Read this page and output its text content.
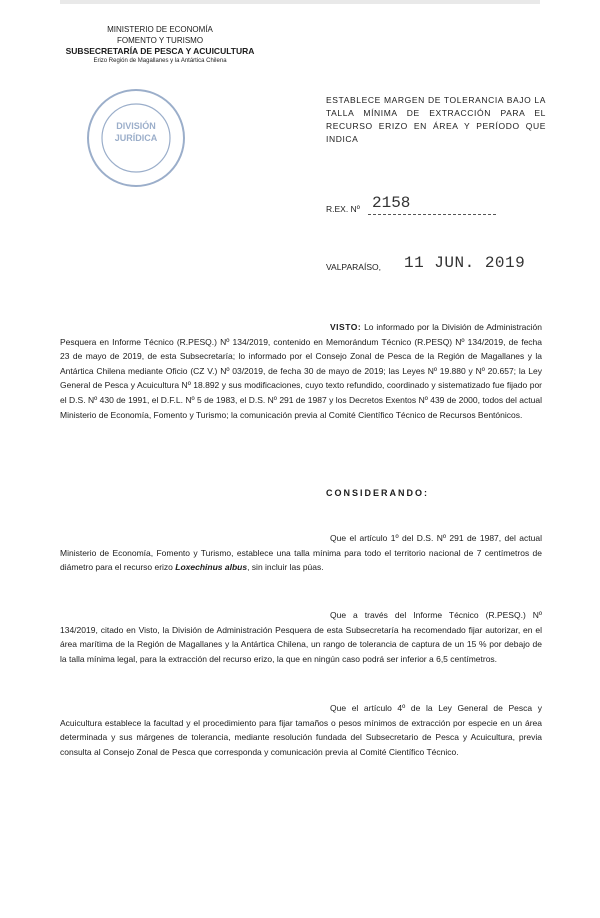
MINISTERIO DE ECONOMÍA
FOMENTO Y TURISMO
SUBSECRETARÍA DE PESCA Y ACUICULTURA
Erizo Región de Magallanes y la Antártica Chilena
DIVISIÓN
JURÍDICA
ESTABLECE MARGEN DE TOLERANCIA BAJO LA TALLA MÍNIMA DE EXTRACCIÓN PARA EL RECURSO ERIZO EN ÁREA Y PERÍODO QUE INDICA
R.EX. Nº 2158
VALPARAÍSO, 11 JUN. 2019
VISTO: Lo informado por la División de Administración Pesquera en Informe Técnico (R.PESQ.) Nº 134/2019, contenido en Memorándum Técnico (R.PESQ) Nº 134/2019, de fecha 23 de mayo de 2019, de esta Subsecretaría; lo informado por el Consejo Zonal de Pesca de la Región de Magallanes y la Antártica Chilena mediante Oficio (CZ V.) Nº 03/2019, de fecha 30 de mayo de 2019; las Leyes Nº 19.880 y Nº 20.657; la Ley General de Pesca y Acuicultura Nº 18.892 y sus modificaciones, cuyo texto refundido, coordinado y sistematizado fue fijado por el D.S. Nº 430 de 1991, el D.F.L. Nº 5 de 1983, el D.S. Nº 291 de 1987 y los Decretos Exentos Nº 439 de 2000, todos del actual Ministerio de Economía, Fomento y Turismo; la comunicación previa al Comité Científico Técnico de Recursos Bentónicos.
CONSIDERANDO:
Que el artículo 1º del D.S. Nº 291 de 1987, del actual Ministerio de Economía, Fomento y Turismo, establece una talla mínima para todo el territorio nacional de 7 centímetros de diámetro para el recurso erizo Loxechinus albus, sin incluir las púas.
Que a través del Informe Técnico (R.PESQ.) Nº 134/2019, citado en Visto, la División de Administración Pesquera de esta Subsecretaría ha recomendado fijar autorizar, en el área marítima de la Región de Magallanes y la Antártica Chilena, un rango de tolerancia de captura de un 15 % por debajo de la talla mínima legal, para la extracción del recurso erizo, la que en ningún caso podrá ser inferior a 6,5 centímetros.
Que el artículo 4º de la Ley General de Pesca y Acuicultura establece la facultad y el procedimiento para fijar tamaños o pesos mínimos de extracción por especie en un área determinada y sus márgenes de tolerancia, mediante resolución fundada del Subsecretario de Pesca y Acuicultura, previa consulta al Consejo Zonal de Pesca que corresponda y comunicación previa al Comité Científico Técnico.
